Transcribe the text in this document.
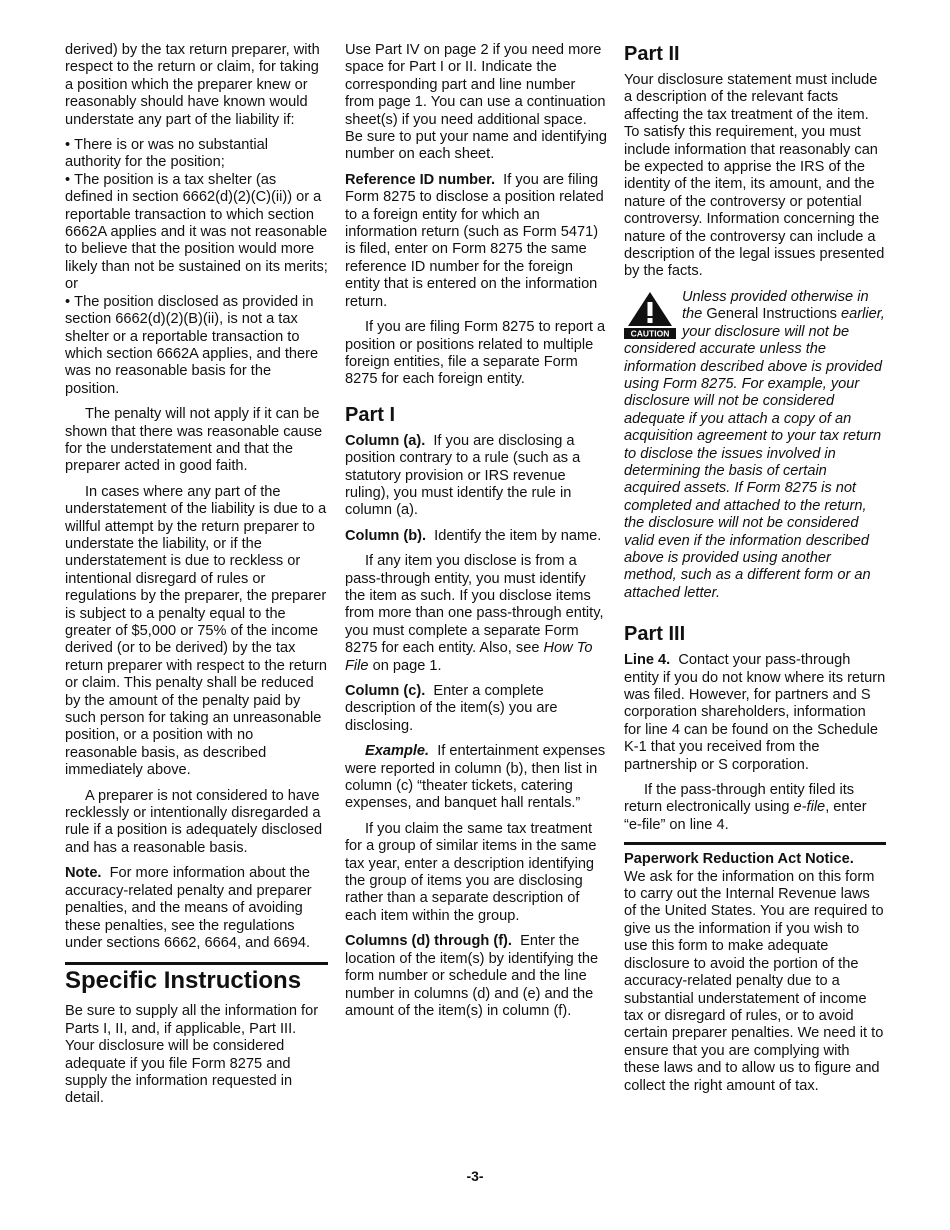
derived) by the tax return preparer, with respect to the return or claim, for taking a position which the preparer knew or reasonably should have known would understate any part of the liability if:

• There is or was no substantial authority for the position;
• The position is a tax shelter (as defined in section 6662(d)(2)(C)(ii)) or a reportable transaction to which section 6662A applies and it was not reasonable to believe that the position would more likely than not be sustained on its merits; or
• The position disclosed as provided in section 6662(d)(2)(B)(ii), is not a tax shelter or a reportable transaction to which section 6662A applies, and there was no reasonable basis for the position.

The penalty will not apply if it can be shown that there was reasonable cause for the understatement and that the preparer acted in good faith.

In cases where any part of the understatement of the liability is due to a willful attempt by the return preparer to understate the liability, or if the understatement is due to reckless or intentional disregard of rules or regulations by the preparer, the preparer is subject to a penalty equal to the greater of $5,000 or 75% of the income derived (or to be derived) by the tax return preparer with respect to the return or claim. This penalty shall be reduced by the amount of the penalty paid by such person for taking an unreasonable position, or a position with no reasonable basis, as described immediately above.

A preparer is not considered to have recklessly or intentionally disregarded a rule if a position is adequately disclosed and has a reasonable basis.

Note. For more information about the accuracy-related penalty and preparer penalties, and the means of avoiding these penalties, see the regulations under sections 6662, 6664, and 6694.

Specific Instructions

Be sure to supply all the information for Parts I, II, and, if applicable, Part III. Your disclosure will be considered adequate if you file Form 8275 and supply the information requested in detail.

Use Part IV on page 2 if you need more space for Part I or II. Indicate the corresponding part and line number from page 1. You can use a continuation sheet(s) if you need additional space. Be sure to put your name and identifying number on each sheet.

Reference ID number. If you are filing Form 8275 to disclose a position related to a foreign entity for which an information return (such as Form 5471) is filed, enter on Form 8275 the same reference ID number for the foreign entity that is entered on the information return.

If you are filing Form 8275 to report a position or positions related to multiple foreign entities, file a separate Form 8275 for each foreign entity.

Part I

Column (a). If you are disclosing a position contrary to a rule (such as a statutory provision or IRS revenue ruling), you must identify the rule in column (a).

Column (b). Identify the item by name.

If any item you disclose is from a pass-through entity, you must identify the item as such. If you disclose items from more than one pass-through entity, you must complete a separate Form 8275 for each entity. Also, see How To File on page 1.

Column (c). Enter a complete description of the item(s) you are disclosing.

Example. If entertainment expenses were reported in column (b), then list in column (c) “theater tickets, catering expenses, and banquet hall rentals.”

If you claim the same tax treatment for a group of similar items in the same tax year, enter a description identifying the group of items you are disclosing rather than a separate description of each item within the group.

Columns (d) through (f). Enter the location of the item(s) by identifying the form number or schedule and the line number in columns (d) and (e) and the amount of the item(s) in column (f).

Part II

Your disclosure statement must include a description of the relevant facts affecting the tax treatment of the item. To satisfy this requirement, you must include information that reasonably can be expected to apprise the IRS of the identity of the item, its amount, and the nature of the controversy or potential controversy. Information concerning the nature of the controversy can include a description of the legal issues presented by the facts.

CAUTION
Unless provided otherwise in the General Instructions earlier, your disclosure will not be considered accurate unless the information described above is provided using Form 8275. For example, your disclosure will not be considered adequate if you attach a copy of an acquisition agreement to your tax return to disclose the issues involved in determining the basis of certain acquired assets. If Form 8275 is not completed and attached to the return, the disclosure will not be considered valid even if the information described above is provided using another method, such as a different form or an attached letter.

Part III

Line 4. Contact your pass-through entity if you do not know where its return was filed. However, for partners and S corporation shareholders, information for line 4 can be found on the Schedule K-1 that you received from the partnership or S corporation.

If the pass-through entity filed its return electronically using e-file, enter “e-file” on line 4.

Paperwork Reduction Act Notice.

We ask for the information on this form to carry out the Internal Revenue laws of the United States. You are required to give us the information if you wish to use this form to make adequate disclosure to avoid the portion of the accuracy-related penalty due to a substantial understatement of income tax or disregard of rules, or to avoid certain preparer penalties. We need it to ensure that you are complying with these laws and to allow us to figure and collect the right amount of tax.

-3-
